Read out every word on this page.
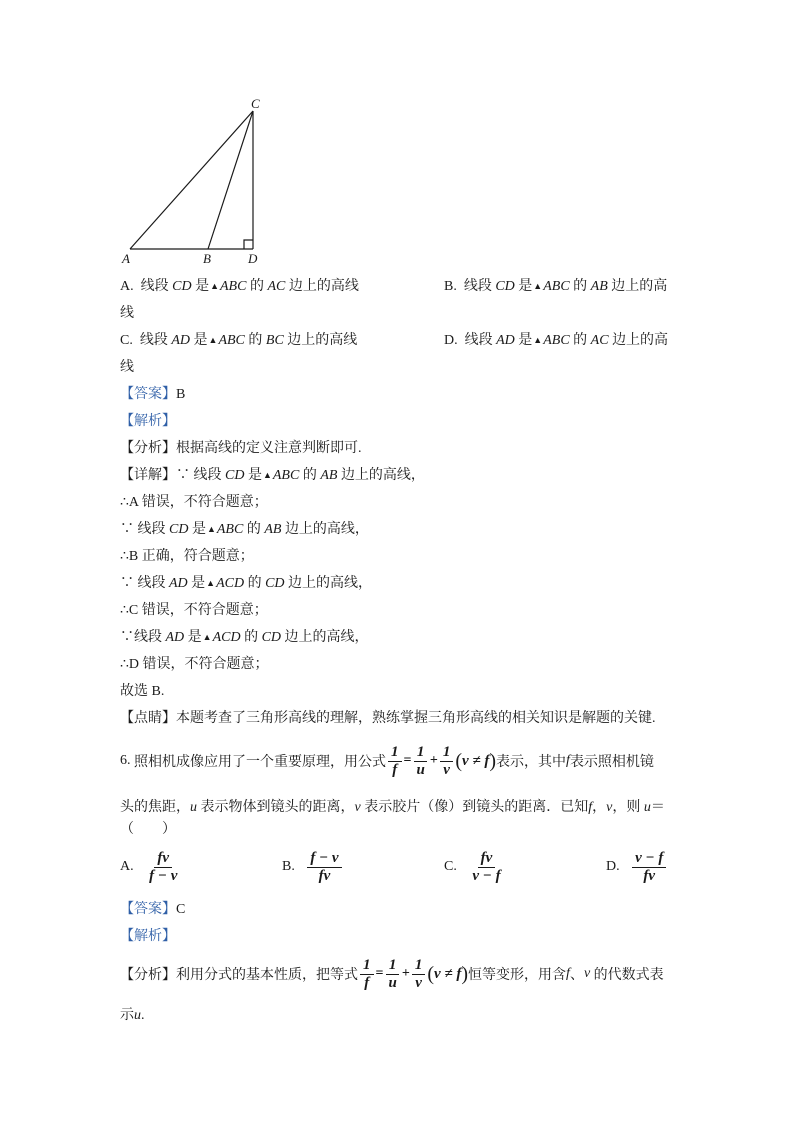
C
A	B	D
A. 线段 CD 是▲ABC 的 AC 边上的高线	B. 线段 CD 是▲ABC 的 AB 边上的高
线
C. 线段 AD 是▲ABC 的 BC 边上的高线	D. 线段 AD 是▲ABC 的 AC 边上的高
线
【答案】B
【解析】
【分析】根据高线的定义注意判断即可.
【详解】∵ 线段 CD 是▲ABC 的 AB 边上的高线，
∴A 错误，不符合题意；
∵ 线段 CD 是▲ABC 的 AB 边上的高线，
∴B 正确，符合题意；
∵ 线段 AD 是▲ACD 的 CD 边上的高线，
∴C 错误，不符合题意；
∵线段 AD 是▲ACD 的 CD 边上的高线，
∴D 错误，不符合题意；
故选 B.
【点睛】本题考查了三角形高线的理解，熟练掌握三角形高线的相关知识是解题的关键.
6.
照相机成像应用了一个重要原理，用公式 $\frac{1}{f} = \frac{1}{u} + \frac{1}{v}$ ( v ≠ f ) 表示，其中 f 表示照相机镜
头的焦距，u 表示物体到镜头的距离，v 表示胶片（像）到镜头的距离．已知f，v，则 u＝
（　　）
A.
$\frac{fv}{f - v}$	B.
$\frac{f - v}{fv}$	C.
$\frac{fv}{v - f}$	D.
$\frac{v - f}{fv}$
【答案】C
【解析】
【分析】 利用分式的基本性质，把等式 $\frac{1}{f} = \frac{1}{u} + \frac{1}{v}$ ( v ≠ f ) 恒等变形，用含 f 、 v
的代数式表
示u.
